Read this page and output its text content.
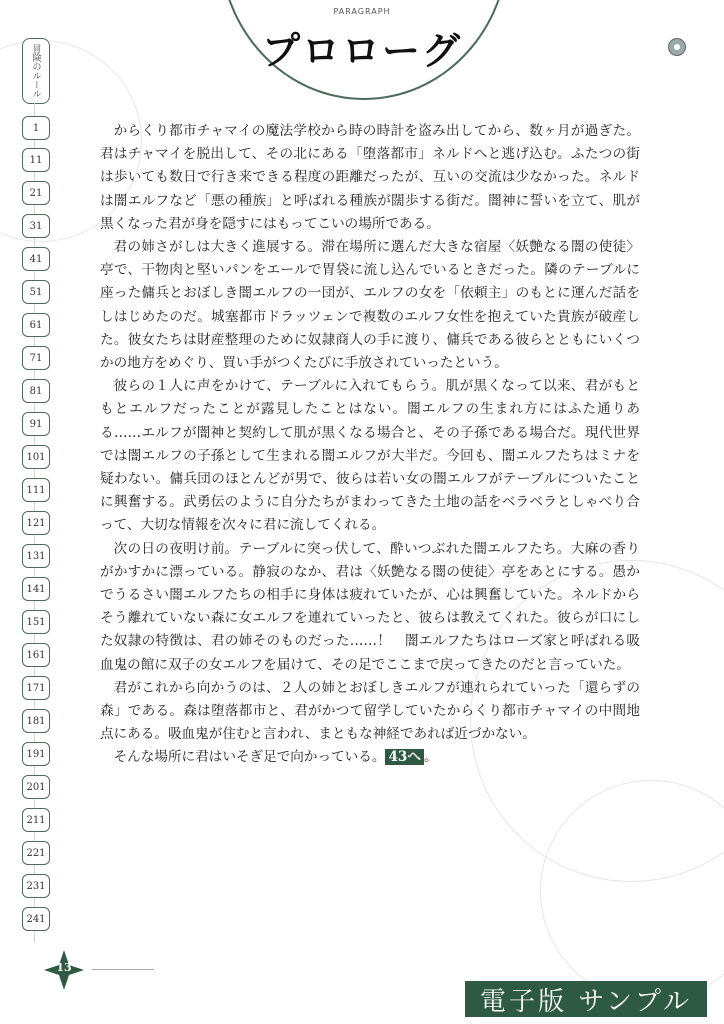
PARAGRAPH
プロローグ
冒険のルール
1
11
21
31
41
51
61
71
81
91
101
111
121
131
141
151
161
171
181
191
201
211
221
231
241

からくり都市チャマイの魔法学校から時の時計を盗み出してから、数ヶ月が過ぎた。君はチャマイを脱出して、その北にある「堕落都市」ネルドへと逃げ込む。ふたつの街は歩いても数日で行き来できる程度の距離だったが、互いの交流は少なかった。ネルドは闇エルフなど「悪の種族」と呼ばれる種族が闊歩する街だ。闇神に誓いを立て、肌が黒くなった君が身を隠すにはもってこいの場所である。

君の姉さがしは大きく進展する。滞在場所に選んだ大きな宿屋〈妖艶なる闇の使徒〉亭で、干物肉と堅いパンをエールで胃袋に流し込んでいるときだった。隣のテーブルに座った傭兵とおぼしき闇エルフの一団が、エルフの女を「依頼主」のもとに運んだ話をしはじめたのだ。城塞都市ドラッツェンで複数のエルフ女性を抱えていた貴族が破産した。彼女たちは財産整理のために奴隷商人の手に渡り、傭兵である彼らとともにいくつかの地方をめぐり、買い手がつくたびに手放されていったという。

彼らの１人に声をかけて、テーブルに入れてもらう。肌が黒くなって以来、君がもともとエルフだったことが露見したことはない。闇エルフの生まれ方にはふた通りある……エルフが闇神と契約して肌が黒くなる場合と、その子孫である場合だ。現代世界では闇エルフの子孫として生まれる闇エルフが大半だ。今回も、闇エルフたちはミナを疑わない。傭兵団のほとんどが男で、彼らは若い女の闇エルフがテーブルについたことに興奮する。武勇伝のように自分たちがまわってきた土地の話をベラベラとしゃべり合って、大切な情報を次々に君に流してくれる。

次の日の夜明け前。テーブルに突っ伏して、酔いつぶれた闇エルフたち。大麻の香りがかすかに漂っている。静寂のなか、君は〈妖艶なる闇の使徒〉亭をあとにする。愚かでうるさい闇エルフたちの相手に身体は疲れていたが、心は興奮していた。ネルドからそう離れていない森に女エルフを連れていったと、彼らは教えてくれた。彼らが口にした奴隷の特徴は、君の姉そのものだった……！　闇エルフたちはローズ家と呼ばれる吸血鬼の館に双子の女エルフを届けて、その足でここまで戻ってきたのだと言っていた。

君がこれから向かうのは、２人の姉とおぼしきエルフが連れられていった「還らずの森」である。森は堕落都市と、君がかつて留学していたからくり都市チャマイの中間地点にある。吸血鬼が住むと言われ、まともな神経であれば近づかない。

そんな場所に君はいそぎ足で向かっている。 43へ 。

13
電子版 サンプル
